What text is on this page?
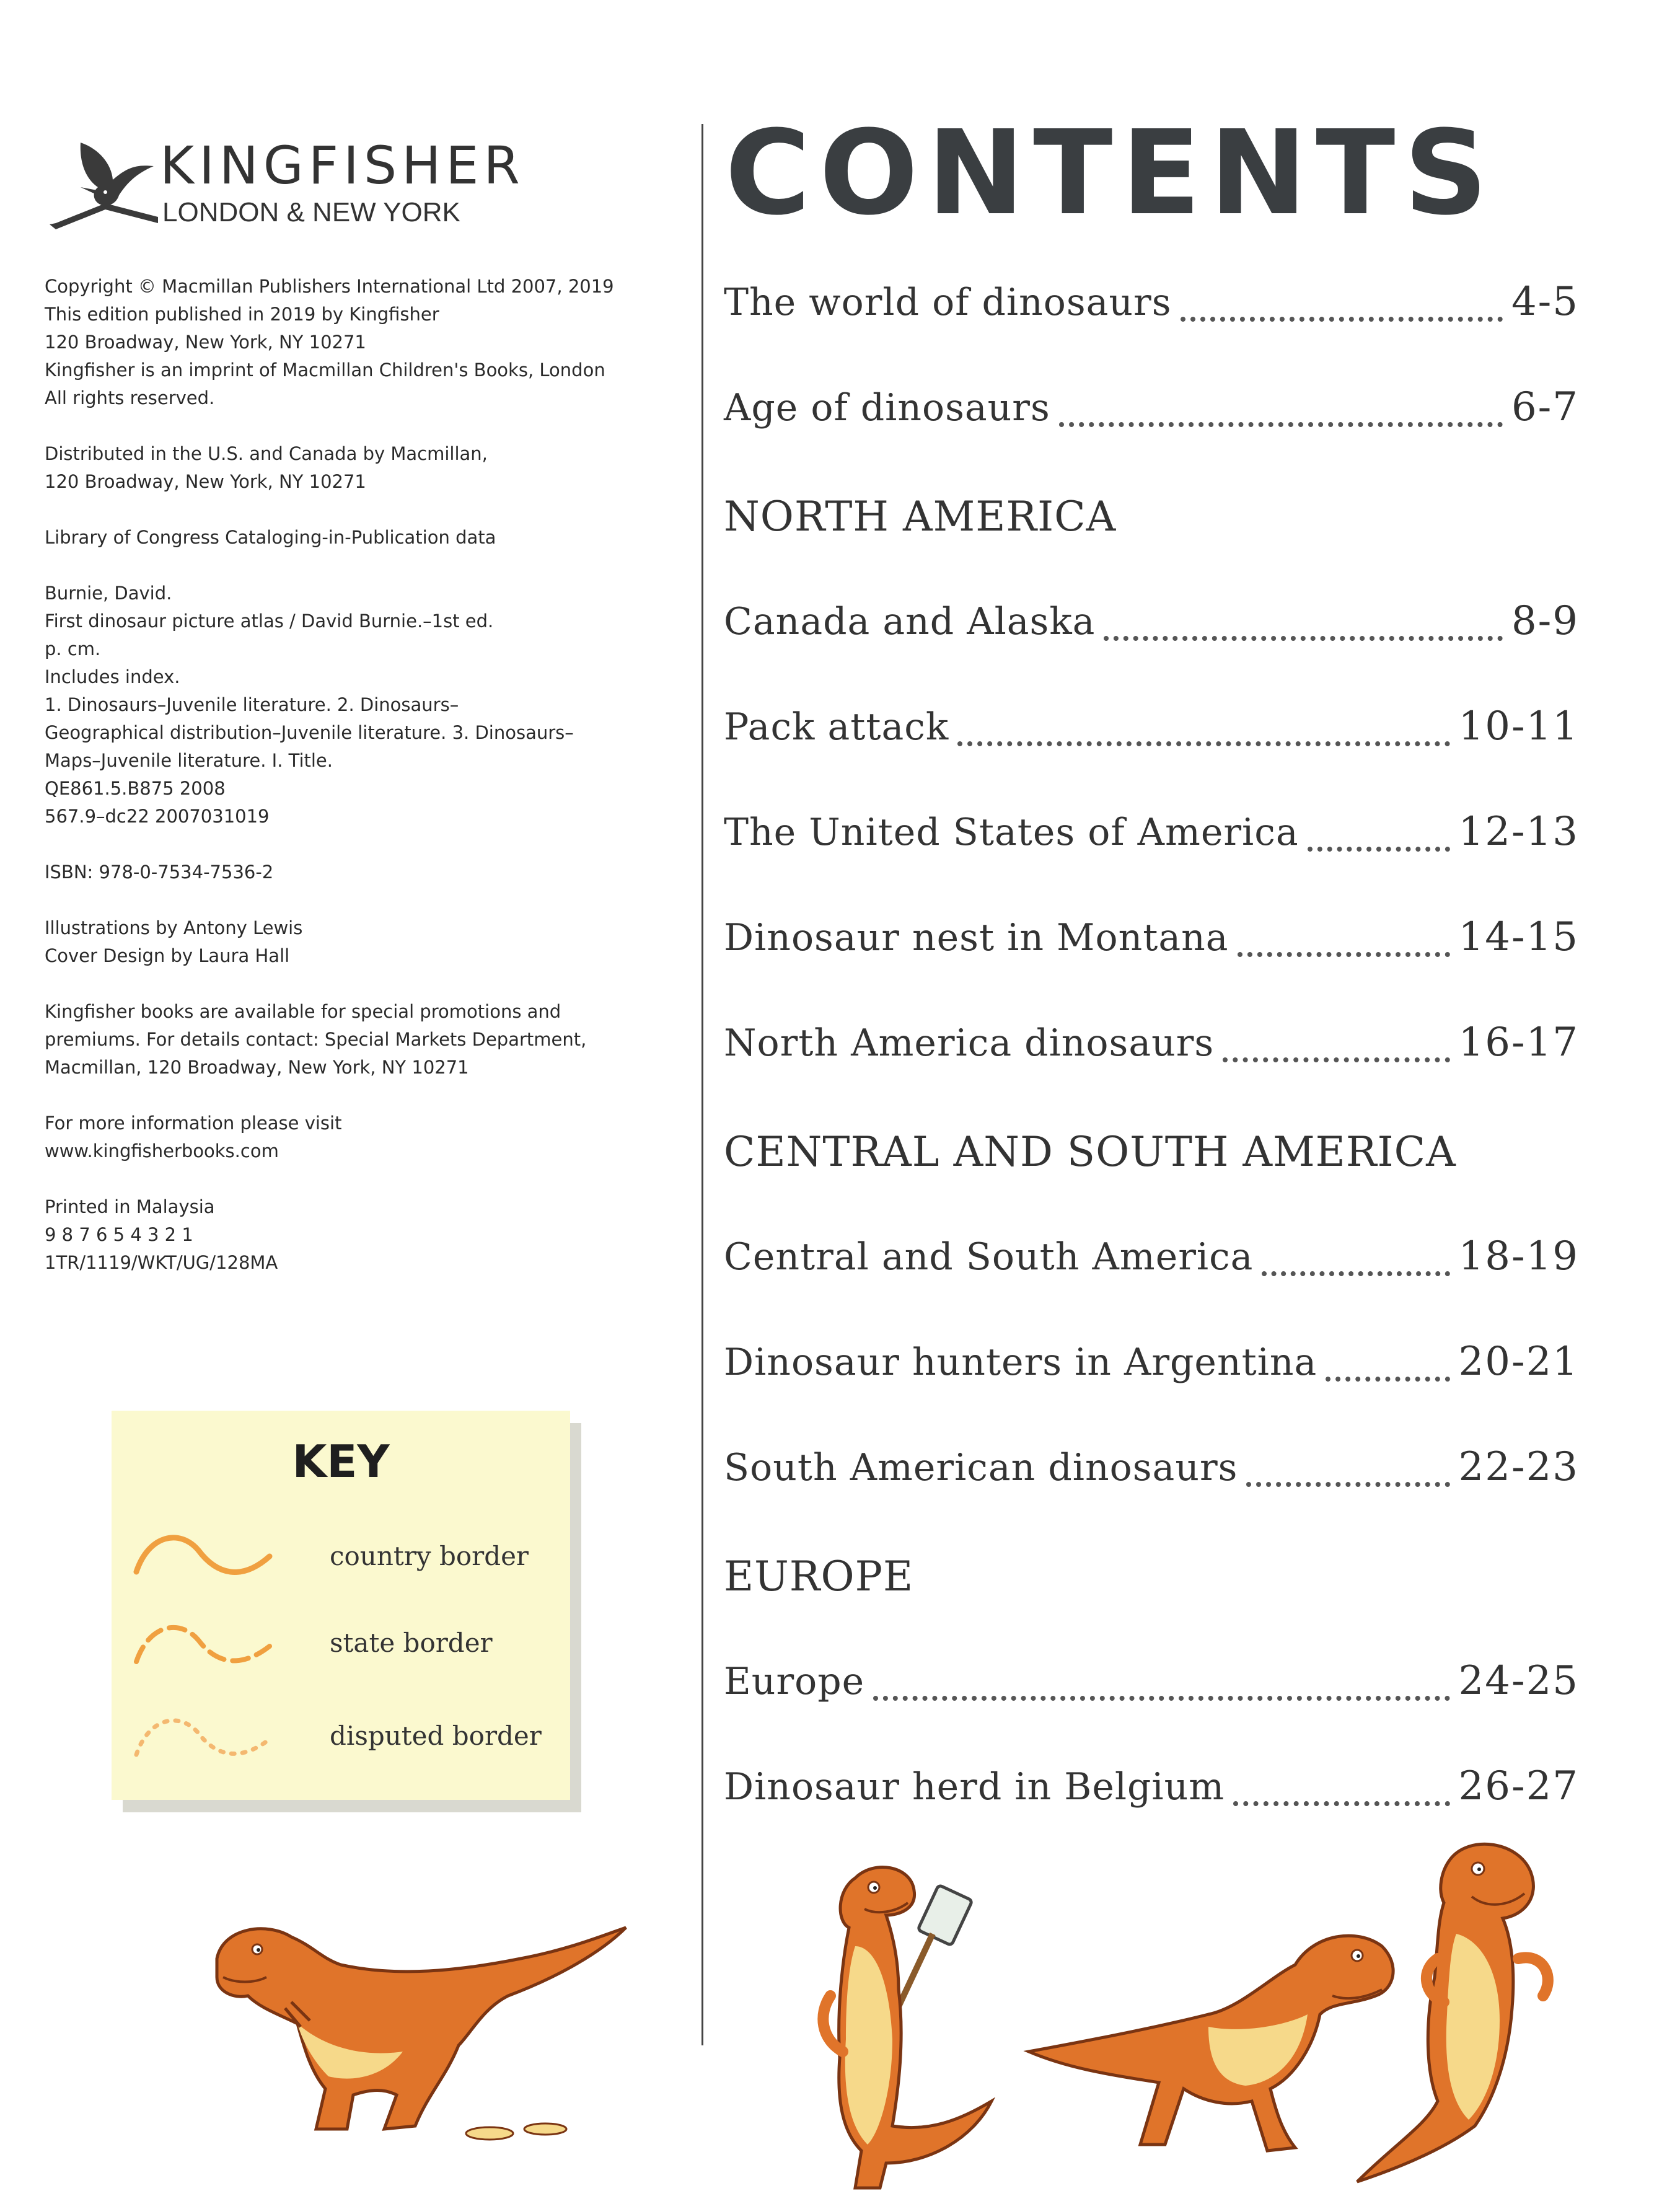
KINGFISHER
LONDON & NEW YORK
Copyright © Macmillan Publishers International Ltd 2007, 2019
This edition published in 2019 by Kingfisher
120 Broadway, New York, NY 10271
Kingfisher is an imprint of Macmillan Children's Books, London
All rights reserved.
Distributed in the U.S. and Canada by Macmillan,
120 Broadway, New York, NY 10271
Library of Congress Cataloging-in-Publication data
Burnie, David.
First dinosaur picture atlas / David Burnie.–1st ed.
p. cm.
Includes index.
1. Dinosaurs–Juvenile literature. 2. Dinosaurs–
Geographical distribution–Juvenile literature. 3. Dinosaurs–
Maps–Juvenile literature. I. Title.
QE861.5.B875 2008
567.9–dc22 2007031019
ISBN: 978-0-7534-7536-2
Illustrations by Antony Lewis
Cover Design by Laura Hall
Kingfisher books are available for special promotions and
premiums. For details contact: Special Markets Department,
Macmillan, 120 Broadway, New York, NY 10271
For more information please visit
www.kingfisherbooks.com
Printed in Malaysia
9 8 7 6 5 4 3 2 1
1TR/1119/WKT/UG/128MA
KEY
country border
state border
disputed border
CONTENTS
The world of dinosaurs	4-5
Age of dinosaurs	6-7
NORTH AMERICA
Canada and Alaska	8-9
Pack attack	10-11
The United States of America	12-13
Dinosaur nest in Montana	14-15
North America dinosaurs	16-17
CENTRAL AND SOUTH AMERICA
Central and South America	18-19
Dinosaur hunters in Argentina	20-21
South American dinosaurs	22-23
EUROPE
Europe	24-25
Dinosaur herd in Belgium	26-27
